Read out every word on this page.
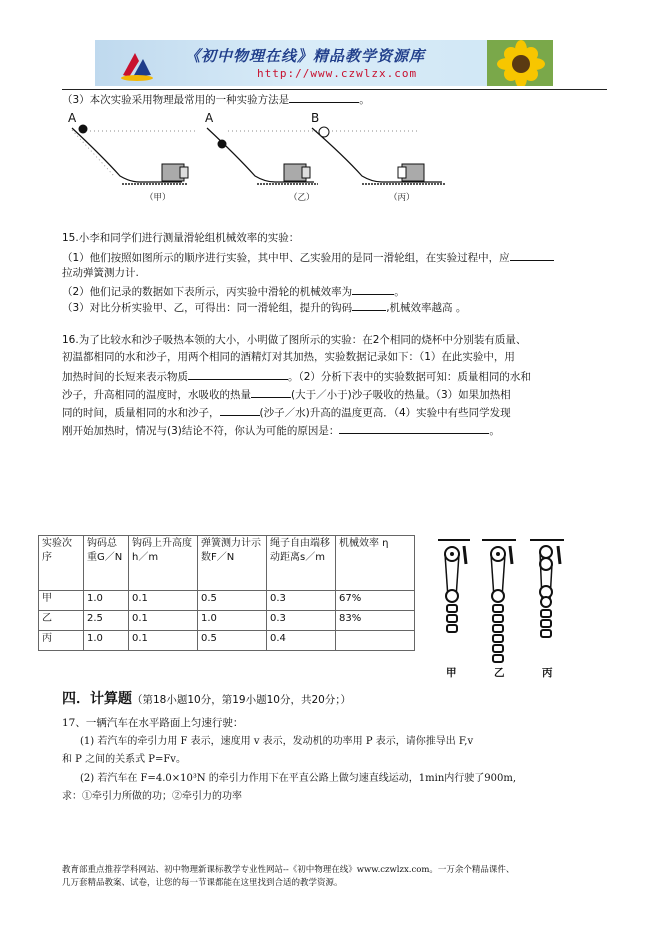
《初中物理在线》精品教学资源库
http://www.czwlzx.com
（3）本次实验采用物理最常用的一种实验方法是	。
A	A	B
（甲）	（乙）	（丙）
15.小李和同学们进行测量滑轮组机械效率的实验：
（1）他们按照如图所示的顺序进行实验，其中甲、乙实验用的是同一滑轮组，在实验过程中，应
拉动弹簧测力计.
（2）他们记录的数据如下表所示，丙实验中滑轮的机械效率为	。
（3）对比分析实验甲、乙，可得出：同一滑轮组，提升的钩码	,机械效率越高 。
16.为了比较水和沙子吸热本领的大小，小明做了图所示的实验：在2个相同的烧杯中分别装有质量、
初温都相同的水和沙子，用两个相同的酒精灯对其加热，实验数据记录如下：（1）在此实验中，用
加热时间的长短来表示物质	。（2）分析下表中的实验数据可知：质量相同的水和
沙子，升高相同的温度时，水吸收的热量	(大于／小于)沙子吸收的热量。（3）如果加热相
同的时间，质量相同的水和沙子，	(沙子／水)升高的温度更高．（4）实验中有些同学发现
刚开始加热时，情况与(3)结论不符，你认为可能的原因是：	。
实验次序	钩码总重G／N	钩码上升高度h／m	弹簧测力计示数F／N	绳子自由端移动距离s／m	机械效率 η
甲	1.0	0.1	0.5	0.3	67%
乙	2.5	0.1	1.0	0.3	83%
丙	1.0	0.1	0.5	0.4	
甲	乙	丙
四．计算题（第18小题10分，第19小题10分，共20分；）
17、一辆汽车在水平路面上匀速行驶：
(1) 若汽车的牵引力用 F 表示，速度用 v 表示，发动机的功率用 P 表示，请你推导出 F,v
和 P 之间的关系式 P=Fv。
(2) 若汽车在 F=4.0×10³N 的牵引力作用下在平直公路上做匀速直线运动，1min内行驶了900m,
求：①牵引力所做的功；②牵引力的功率
教育部重点推荐学科网站、初中物理新课标教学专业性网站--《初中物理在线》www.czwlzx.com。一万余个精品课件、
几万套精品教案、试卷，让您的每一节课都能在这里找到合适的教学资源。
